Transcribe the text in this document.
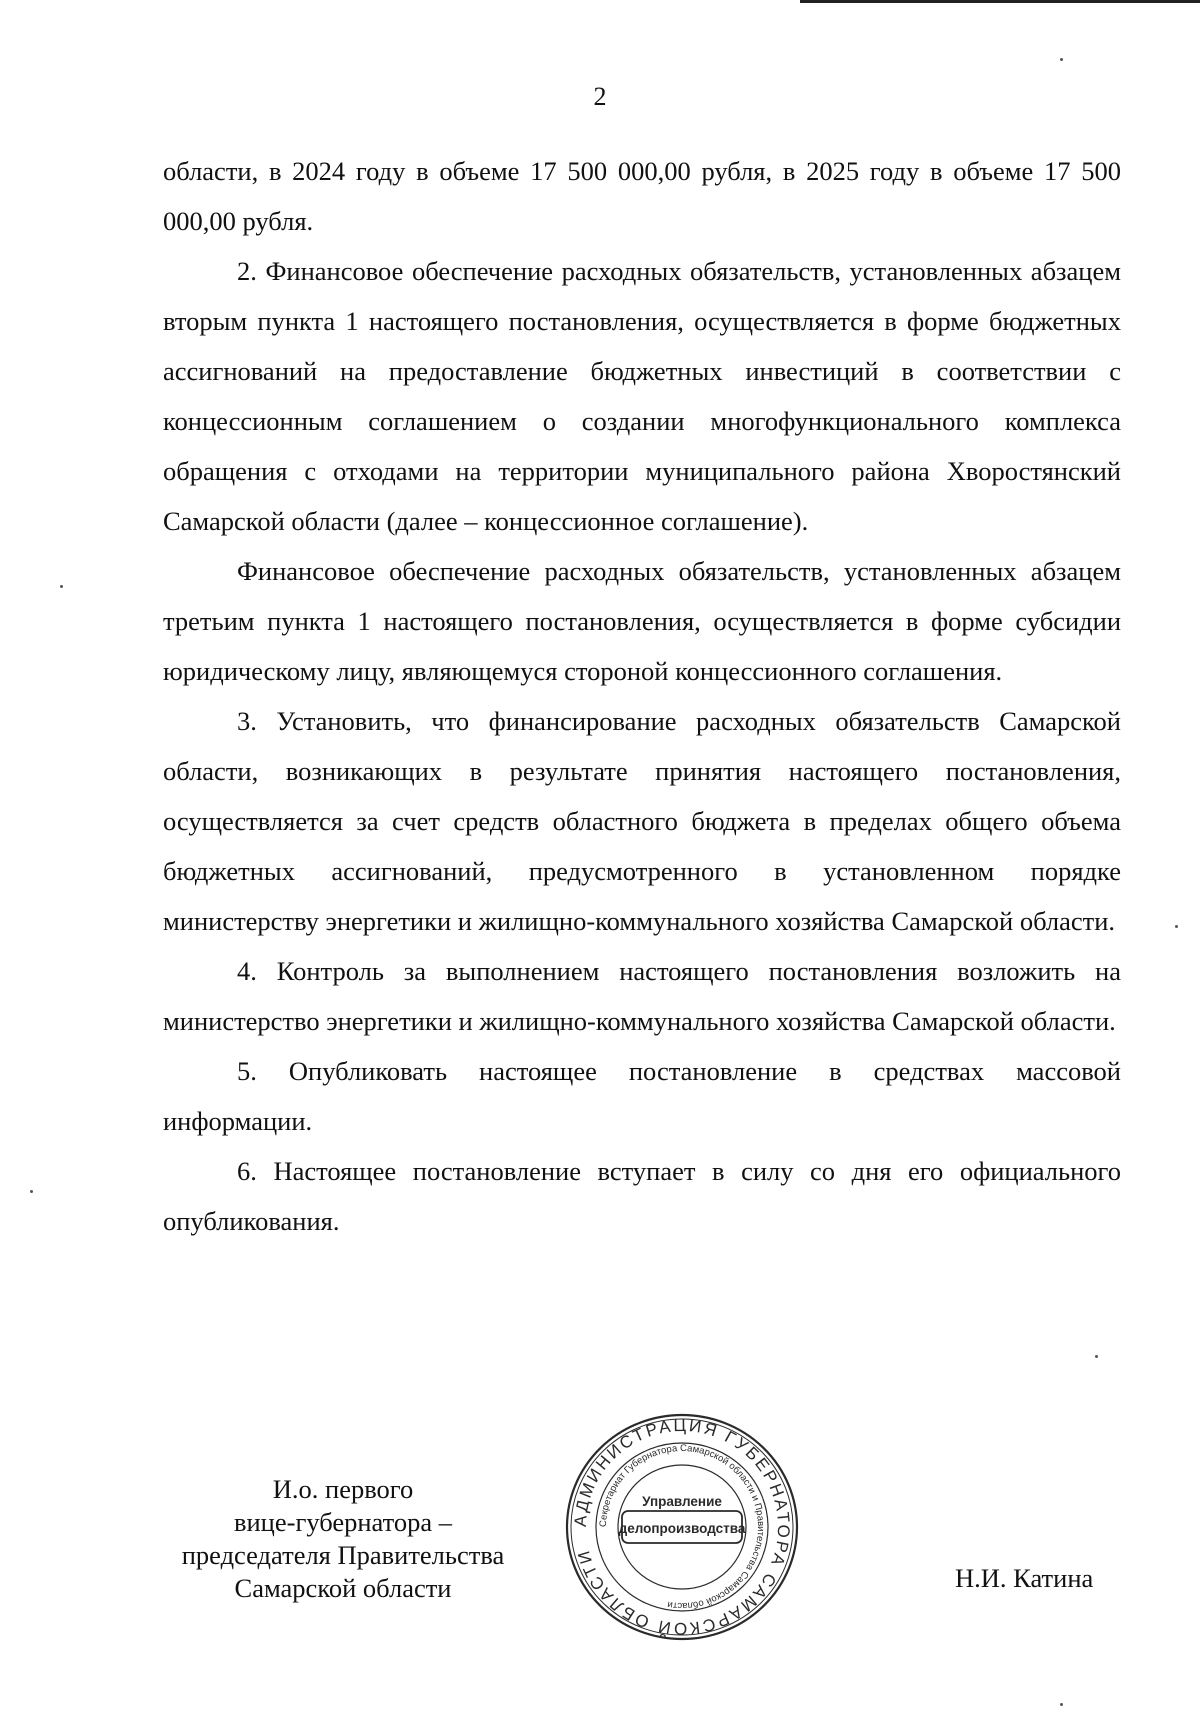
2

области, в 2024 году в объеме 17 500 000,00 рубля, в 2025 году в объеме 17 500 000,00 рубля.

2. Финансовое обеспечение расходных обязательств, установленных абзацем вторым пункта 1 настоящего постановления, осуществляется в форме бюджетных ассигнований на предоставление бюджетных инвестиций в соответствии с концессионным соглашением о создании многофункционального комплекса обращения с отходами на территории муниципального района Хворостянский Самарской области (далее – концессионное соглашение).

Финансовое обеспечение расходных обязательств, установленных абзацем третьим пункта 1 настоящего постановления, осуществляется в форме субсидии юридическому лицу, являющемуся стороной концессионного соглашения.

3. Установить, что финансирование расходных обязательств Самарской области, возникающих в результате принятия настоящего постановления, осуществляется за счет средств областного бюджета в пределах общего объема бюджетных ассигнований, предусмотренного в установленном порядке министерству энергетики и жилищно-коммунального хозяйства Самарской области.

4. Контроль за выполнением настоящего постановления возложить на министерство энергетики и жилищно-коммунального хозяйства Самарской области.

5. Опубликовать настоящее постановление в средствах массовой информации.

6. Настоящее постановление вступает в силу со дня его официального опубликования.

И.о. первого
вице-губернатора –
председателя Правительства
Самарской области
АДМИНИСТРАЦИЯ ГУБЕРНАТОРА САМАРСКОЙ ОБЛАСТИ
Секретариат Губернатора Самарской области и Правительства Самарской области
Управление
делопроизводства
Н.И. Катина
